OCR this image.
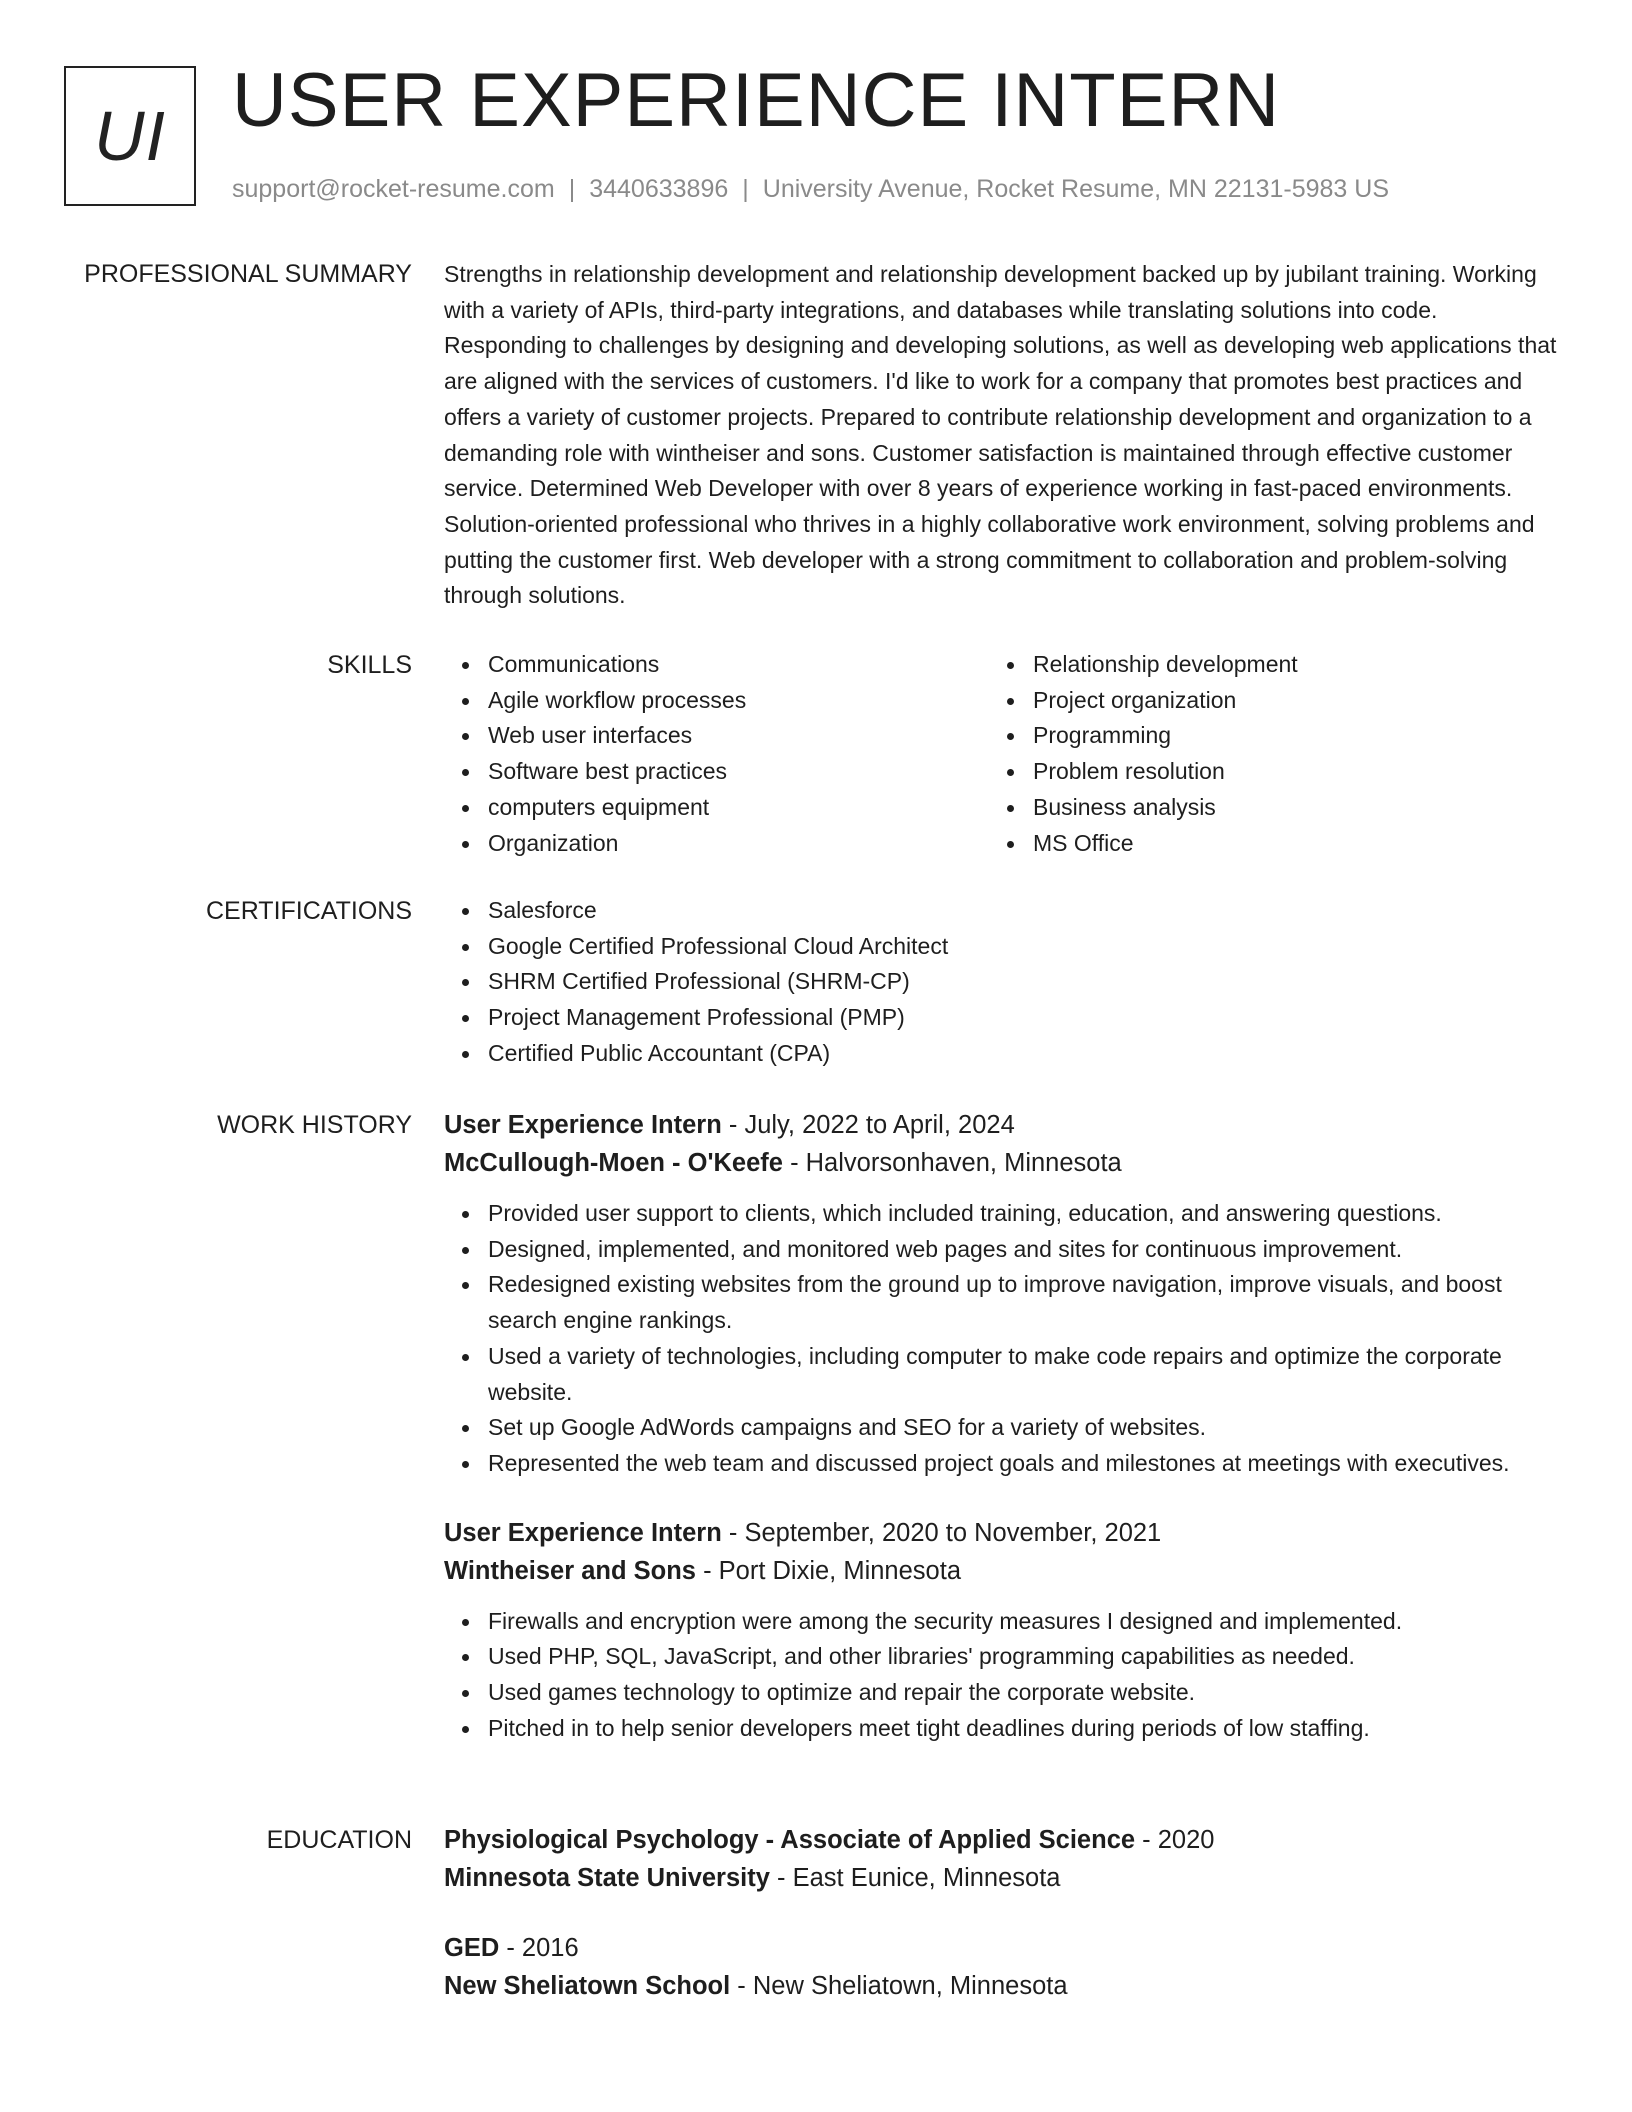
UI USER EXPERIENCE INTERN
support@rocket-resume.com | 3440633896 | University Avenue, Rocket Resume, MN 22131-5983 US
PROFESSIONAL SUMMARY Strengths in relationship development and relationship development backed up by jubilant training. Working with a variety of APIs, third-party integrations, and databases while translating solutions into code. Responding to challenges by designing and developing solutions, as well as developing web applications that are aligned with the services of customers. I'd like to work for a company that promotes best practices and offers a variety of customer projects. Prepared to contribute relationship development and organization to a demanding role with wintheiser and sons. Customer satisfaction is maintained through effective customer service. Determined Web Developer with over 8 years of experience working in fast-paced environments. Solution-oriented professional who thrives in a highly collaborative work environment, solving problems and putting the customer first. Web developer with a strong commitment to collaboration and problem-solving through solutions.
SKILLS	Communications
Agile workflow processes
Web user interfaces
Software best practices
computers equipment
Organization
Relationship development
Project organization
Programming
Problem resolution
Business analysis
MS Office
CERTIFICATIONS	Salesforce
Google Certified Professional Cloud Architect
SHRM Certified Professional (SHRM-CP)
Project Management Professional (PMP)
Certified Public Accountant (CPA)
WORK HISTORY User Experience Intern - July, 2022 to April, 2024
McCullough-Moen - O'Keefe - Halvorsonhaven, Minnesota
Provided user support to clients, which included training, education, and answering questions.
Designed, implemented, and monitored web pages and sites for continuous improvement.
Redesigned existing websites from the ground up to improve navigation, improve visuals, and boost search engine rankings.
Used a variety of technologies, including computer to make code repairs and optimize the corporate website.
Set up Google AdWords campaigns and SEO for a variety of websites.
Represented the web team and discussed project goals and milestones at meetings with executives.
User Experience Intern - September, 2020 to November, 2021
Wintheiser and Sons - Port Dixie, Minnesota
Firewalls and encryption were among the security measures I designed and implemented.
Used PHP, SQL, JavaScript, and other libraries' programming capabilities as needed.
Used games technology to optimize and repair the corporate website.
Pitched in to help senior developers meet tight deadlines during periods of low staffing.
EDUCATION Physiological Psychology - Associate of Applied Science - 2020
Minnesota State University - East Eunice, Minnesota
GED - 2016
New Sheliatown School - New Sheliatown, Minnesota
